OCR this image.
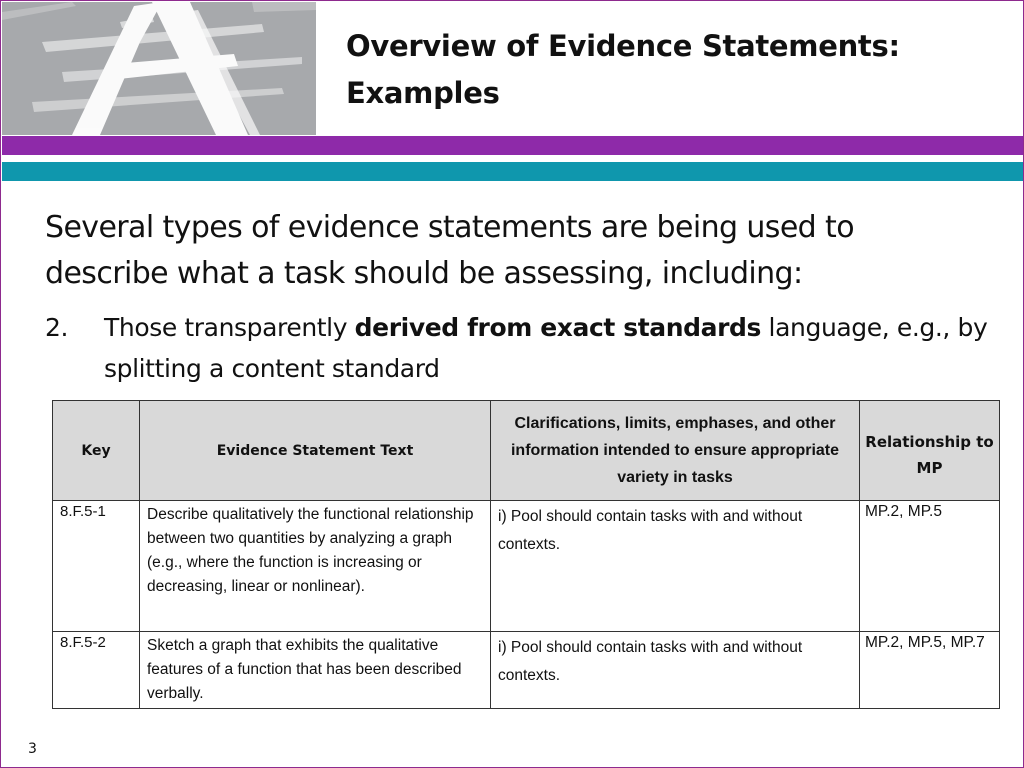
Overview of Evidence Statements:
Examples
Several types of evidence statements are being used to describe what a task should be assessing, including:
2.	Those transparently derived from exact standards language, e.g., by splitting a content standard
Key	Evidence Statement Text	Clarifications, limits, emphases, and other information intended to ensure appropriate variety in tasks	Relationship to MP
8.F.5-1	Describe qualitatively the functional relationship between two quantities by analyzing a graph (e.g., where the function is increasing or decreasing, linear or nonlinear).	i) Pool should contain tasks with and without contexts.	MP.2, MP.5
8.F.5-2	Sketch a graph that exhibits the qualitative features of a function that has been described verbally.	i) Pool should contain tasks with and without contexts.	MP.2, MP.5, MP.7
3
